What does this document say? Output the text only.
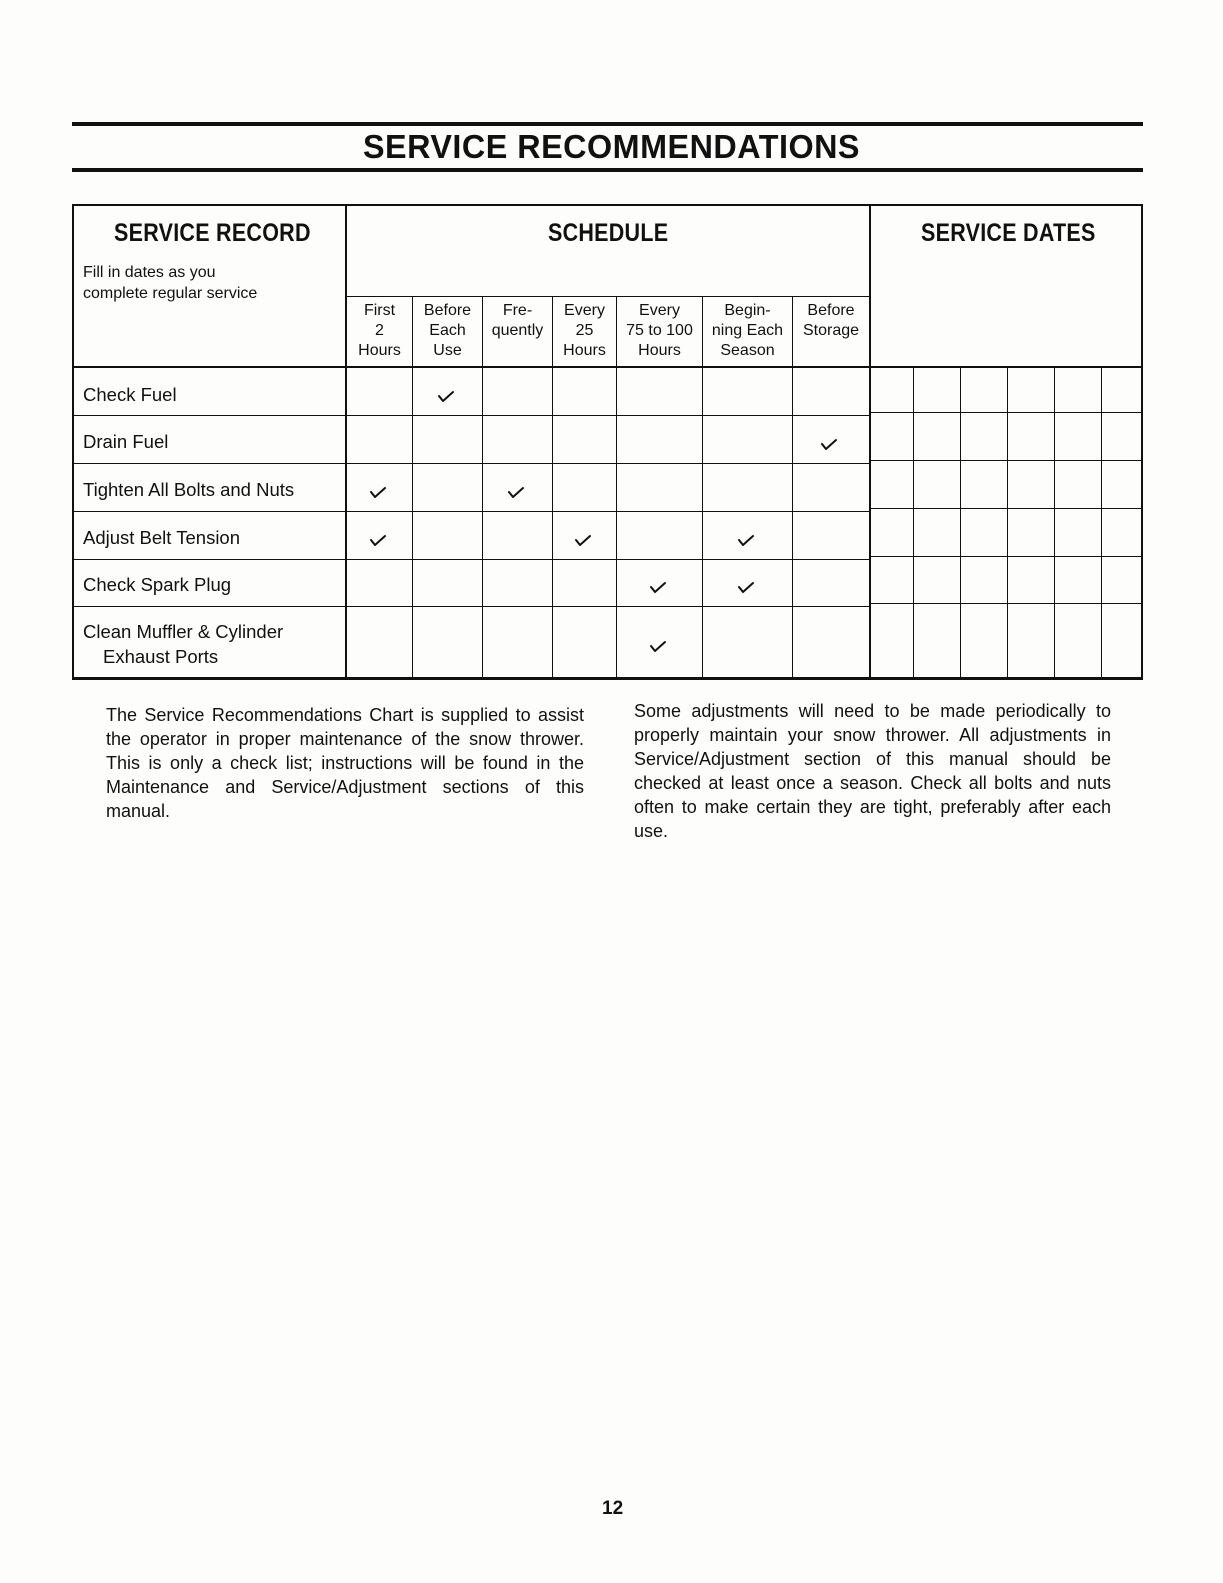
SERVICE RECOMMENDATIONS
SERVICE RECORD
Fill in dates as you
complete regular service
SCHEDULE	SERVICE DATES
First
2
Hours
Before
Each
Use
Fre-
quently
Every
25
Hours
Every
75 to 100
Hours
Begin-
ning Each
Season
Before
Storage
Check Fuel
Drain Fuel
Tighten All Bolts and Nuts
Adjust Belt Tension
Check Spark Plug
Clean Muffler & Cylinder
Exhaust Ports
The Service Recommendations Chart is supplied to assist the operator in proper maintenance of the snow thrower. This is only a check list; instructions will be found in the Maintenance and Service/Adjustment sections of this manual.
Some adjustments will need to be made periodically to properly maintain your snow thrower. All adjustments in Service/Adjustment section of this manual should be checked at least once a season. Check all bolts and nuts often to make certain they are tight, preferably after each use.
12
